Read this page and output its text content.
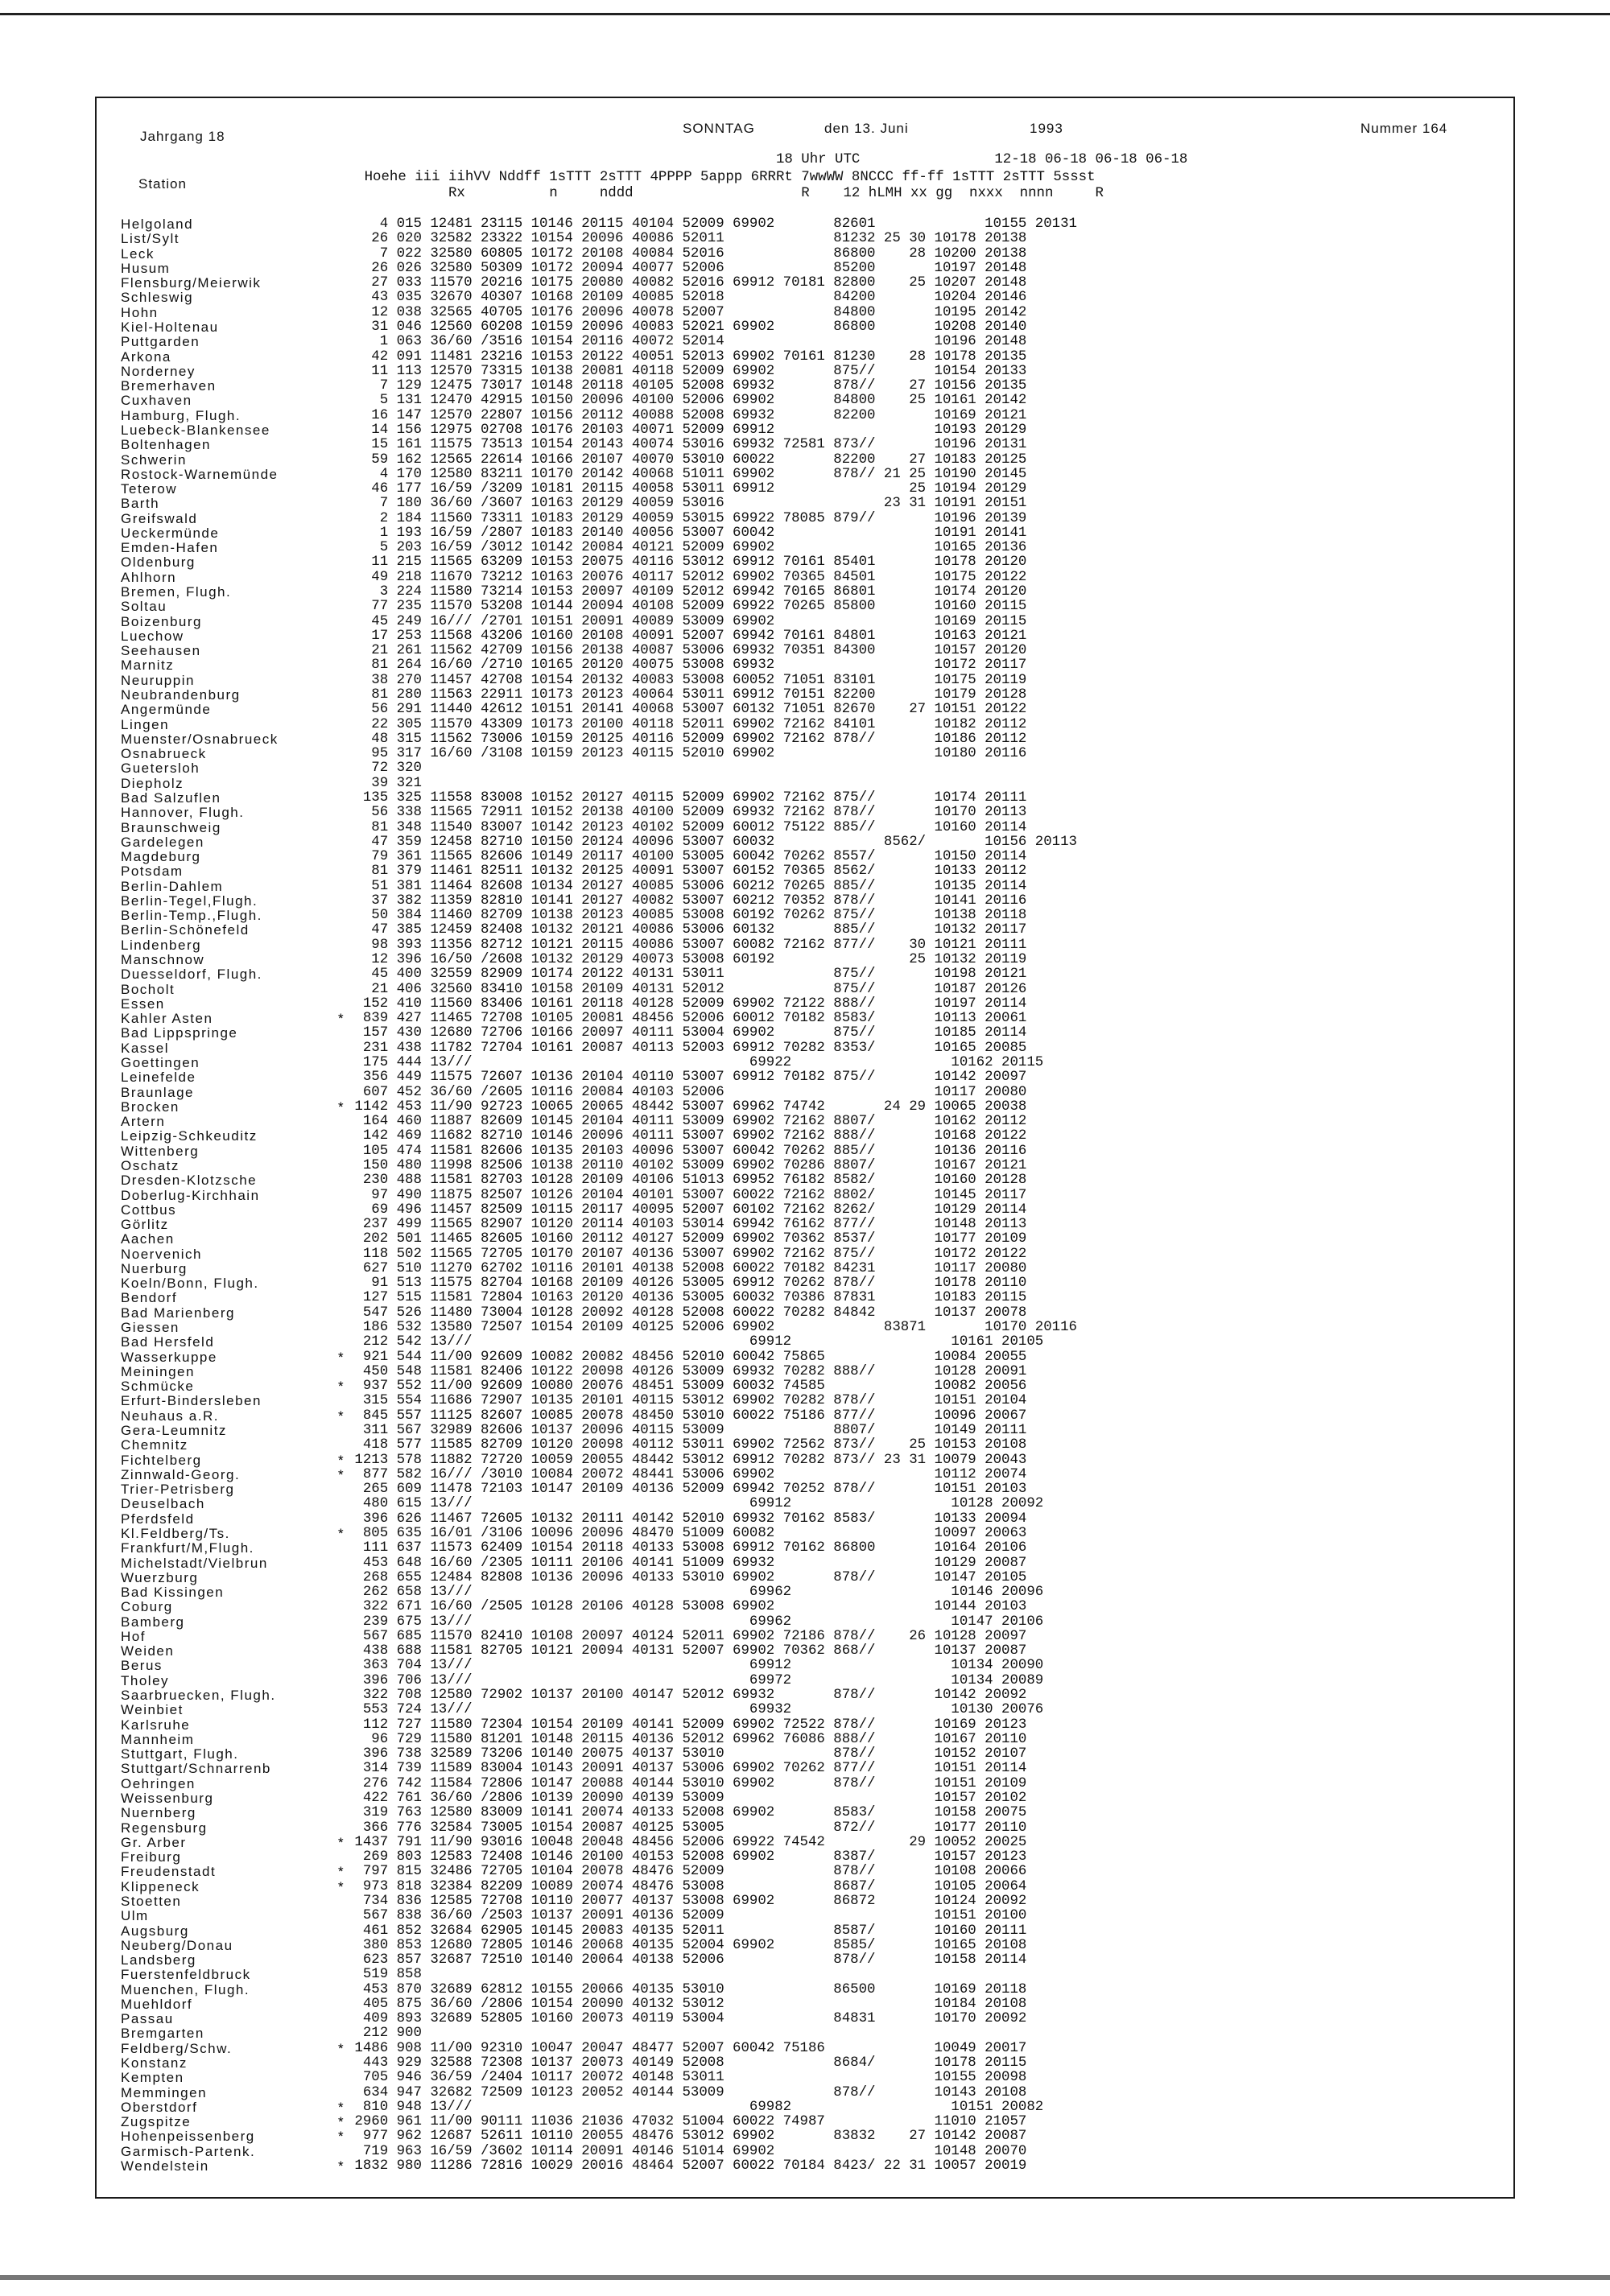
Jahrgang 18
SONNTAG	den 13. Juni	1993	Nummer 164
Station
18 Uhr UTC                12-18 06-18 06-18 06-18
Hoehe iii iihVV Nddff 1sTTT 2sTTT 4PPPP 5appp 6RRRt 7wwWW 8NCCC ff-ff 1sTTT 2sTTT 5ssst
Rx          n     nddd                    R    12 hLMH xx gg  nxxx  nnnn     R
Helgoland	4 015 12481 23115 10146 20115 40104 52009 69902       82601             10155 20131
List/Sylt	26 020 32582 23322 10154 20096 40086 52011             81232 25 30 10178 20138
Leck	7 022 32580 60805 10172 20108 40084 52016             86800    28 10200 20138
Husum	26 026 32580 50309 10172 20094 40077 52006             85200       10197 20148
Flensburg/Meierwik	27 033 11570 20216 10175 20080 40082 52016 69912 70181 82800    25 10207 20148
Schleswig	43 035 32670 40307 10168 20109 40085 52018             84200       10204 20146
Hohn	12 038 32565 40705 10176 20096 40078 52007             84800       10195 20142
Kiel-Holtenau	31 046 12560 60208 10159 20096 40083 52021 69902       86800       10208 20140
Puttgarden	1 063 36/60 /3516 10154 20116 40072 52014                         10196 20148
Arkona	42 091 11481 23216 10153 20122 40051 52013 69902 70161 81230    28 10178 20135
Norderney	11 113 12570 73315 10138 20081 40118 52009 69902       875//       10154 20133
Bremerhaven	7 129 12475 73017 10148 20118 40105 52008 69932       878//    27 10156 20135
Cuxhaven	5 131 12470 42915 10150 20096 40100 52006 69902       84800    25 10161 20142
Hamburg, Flugh.	16 147 12570 22807 10156 20112 40088 52008 69932       82200       10169 20121
Luebeck-Blankensee	14 156 12975 02708 10176 20103 40071 52009 69912                   10193 20129
Boltenhagen	15 161 11575 73513 10154 20143 40074 53016 69932 72581 873//       10196 20131
Schwerin	59 162 12565 22614 10166 20107 40070 53010 60022       82200    27 10183 20125
Rostock-Warnemünde	4 170 12580 83211 10170 20142 40068 51011 69902       878// 21 25 10190 20145
Teterow	46 177 16/59 /3209 10181 20115 40058 53011 69912                25 10194 20129
Barth	7 180 36/60 /3607 10163 20129 40059 53016                   23 31 10191 20151
Greifswald	2 184 11560 73311 10183 20129 40059 53015 69922 78085 879//       10196 20139
Ueckermünde	1 193 16/59 /2807 10183 20140 40056 53007 60042                   10191 20141
Emden-Hafen	5 203 16/59 /3012 10142 20084 40121 52009 69902                   10165 20136
Oldenburg	11 215 11565 63209 10153 20075 40116 53012 69912 70161 85401       10178 20120
Ahlhorn	49 218 11670 73212 10163 20076 40117 52012 69902 70365 84501       10175 20122
Bremen, Flugh.	3 224 11580 73214 10153 20097 40109 52012 69942 70165 86801       10174 20120
Soltau	77 235 11570 53208 10144 20094 40108 52009 69922 70265 85800       10160 20115
Boizenburg	45 249 16/// /2701 10151 20091 40089 53009 69902                   10169 20115
Luechow	17 253 11568 43206 10160 20108 40091 52007 69942 70161 84801       10163 20121
Seehausen	21 261 11562 42709 10156 20138 40087 53006 69932 70351 84300       10157 20120
Marnitz	81 264 16/60 /2710 10165 20120 40075 53008 69932                   10172 20117
Neuruppin	38 270 11457 42708 10154 20132 40083 53008 60052 71051 83101       10175 20119
Neubrandenburg	81 280 11563 22911 10173 20123 40064 53011 69912 70151 82200       10179 20128
Angermünde	56 291 11440 42612 10151 20141 40068 53007 60132 71051 82670    27 10151 20122
Lingen	22 305 11570 43309 10173 20100 40118 52011 69902 72162 84101       10182 20112
Muenster/Osnabrueck	48 315 11562 73006 10159 20125 40116 52009 69902 72162 878//       10186 20112
Osnabrueck	95 317 16/60 /3108 10159 20123 40115 52010 69902                   10180 20116
Guetersloh	72 320
Diepholz	39 321
Bad Salzuflen	135 325 11558 83008 10152 20127 40115 52009 69902 72162 875//       10174 20111
Hannover, Flugh.	56 338 11565 72911 10152 20138 40100 52009 69932 72162 878//       10170 20113
Braunschweig	81 348 11540 83007 10142 20123 40102 52009 60012 75122 885//       10160 20114
Gardelegen	47 359 12458 82710 10150 20124 40096 53007 60032             8562/       10156 20113
Magdeburg	79 361 11565 82606 10149 20117 40100 53005 60042 70262 8557/       10150 20114
Potsdam	81 379 11461 82511 10132 20125 40091 53007 60152 70365 8562/       10133 20112
Berlin-Dahlem	51 381 11464 82608 10134 20127 40085 53006 60212 70265 885//       10135 20114
Berlin-Tegel,Flugh.	37 382 11359 82810 10141 20127 40082 53007 60212 70352 878//       10141 20116
Berlin-Temp.,Flugh.	50 384 11460 82709 10138 20123 40085 53008 60192 70262 875//       10138 20118
Berlin-Schönefeld	47 385 12459 82408 10132 20121 40086 53006 60132       885//       10132 20117
Lindenberg	98 393 11356 82712 10121 20115 40086 53007 60082 72162 877//    30 10121 20111
Manschnow	12 396 16/50 /2608 10132 20129 40073 53008 60192                25 10132 20119
Duesseldorf, Flugh.	45 400 32559 82909 10174 20122 40131 53011             875//       10198 20121
Bocholt	21 406 32560 83410 10158 20109 40131 52012             875//       10187 20126
Essen	152 410 11560 83406 10161 20118 40128 52009 69902 72122 888//       10197 20114
Kahler Asten	* 839 427 11465 72708 10105 20081 48456 52006 60012 70182 8583/       10113 20061
Bad Lippspringe	157 430 12680 72706 10166 20097 40111 53004 69902       875//       10185 20114
Kassel	231 438 11782 72704 10161 20087 40113 52003 69912 70282 8353/       10165 20085
Goettingen	175 444 13///                                 69922                   10162 20115
Leinefelde	356 449 11575 72607 10136 20104 40110 53007 69912 70182 875//       10142 20097
Braunlage	607 452 36/60 /2605 10116 20084 40103 52006                         10117 20080
Brocken	* 1142 453 11/90 92723 10065 20065 48442 53007 69962 74742       24 29 10065 20038
Artern	164 460 11887 82609 10145 20104 40111 53009 69902 72162 8807/       10162 20112
Leipzig-Schkeuditz	142 469 11682 82710 10146 20096 40111 53007 69902 72162 888//       10168 20122
Wittenberg	105 474 11581 82606 10135 20103 40096 53007 60042 70262 885//       10136 20116
Oschatz	150 480 11998 82506 10138 20110 40102 53009 69902 70286 8807/       10167 20121
Dresden-Klotzsche	230 488 11581 82703 10128 20109 40106 51013 69952 76182 8582/       10160 20128
Doberlug-Kirchhain	97 490 11875 82507 10126 20104 40101 53007 60022 72162 8802/       10145 20117
Cottbus	69 496 11457 82509 10115 20117 40095 52007 60102 72162 8262/       10129 20114
Görlitz	237 499 11565 82907 10120 20114 40103 53014 69942 76162 877//       10148 20113
Aachen	202 501 11465 82605 10160 20112 40127 52009 69902 70362 8537/       10177 20109
Noervenich	118 502 11565 72705 10170 20107 40136 53007 69902 72162 875//       10172 20122
Nuerburg	627 510 11270 62702 10116 20101 40138 52008 60022 70182 84231       10117 20080
Koeln/Bonn, Flugh.	91 513 11575 82704 10168 20109 40126 53005 69912 70262 878//       10178 20110
Bendorf	127 515 11581 72804 10163 20120 40136 53005 60032 70386 87831       10183 20115
Bad Marienberg	547 526 11480 73004 10128 20092 40128 52008 60022 70282 84842       10137 20078
Giessen	186 532 13580 72507 10154 20109 40125 52006 69902             83871       10170 20116
Bad Hersfeld	212 542 13///                                 69912                   10161 20105
Wasserkuppe	* 921 544 11/00 92609 10082 20082 48456 52010 60042 75865             10084 20055
Meiningen	450 548 11581 82406 10122 20098 40126 53009 69932 70282 888//       10128 20091
Schmücke	* 937 552 11/00 92609 10080 20076 48451 53009 60032 74585             10082 20056
Erfurt-Bindersleben	315 554 11686 72907 10135 20101 40115 53012 69902 70282 878//       10151 20104
Neuhaus a.R.	* 845 557 11125 82607 10085 20078 48450 53010 60022 75186 877//       10096 20067
Gera-Leumnitz	311 567 32989 82606 10137 20096 40115 53009             8807/       10149 20111
Chemnitz	418 577 11585 82709 10120 20098 40112 53011 69902 72562 873//    25 10153 20108
Fichtelberg	* 1213 578 11882 72720 10059 20055 48442 53012 69912 70282 873// 23 31 10079 20043
Zinnwald-Georg.	* 877 582 16/// /3010 10084 20072 48441 53006 69902                   10112 20074
Trier-Petrisberg	265 609 11478 72103 10147 20109 40136 52009 69942 70252 878//       10151 20103
Deuselbach	480 615 13///                                 69912                   10128 20092
Pferdsfeld	396 626 11467 72605 10132 20111 40142 52010 69932 70162 8583/       10133 20094
Kl.Feldberg/Ts.	* 805 635 16/01 /3106 10096 20096 48470 51009 60082                   10097 20063
Frankfurt/M,Flugh.	111 637 11573 62409 10154 20118 40133 53008 69912 70162 86800       10164 20106
Michelstadt/Vielbrun	453 648 16/60 /2305 10111 20106 40141 51009 69932                   10129 20087
Wuerzburg	268 655 12484 82808 10136 20096 40133 53010 69902       878//       10147 20105
Bad Kissingen	262 658 13///                                 69962                   10146 20096
Coburg	322 671 16/60 /2505 10128 20106 40128 53008 69902                   10144 20103
Bamberg	239 675 13///                                 69962                   10147 20106
Hof	567 685 11570 82410 10108 20097 40124 52011 69902 72186 878//    26 10128 20097
Weiden	438 688 11581 82705 10121 20094 40131 52007 69902 70362 868//       10137 20087
Berus	363 704 13///                                 69912                   10134 20090
Tholey	396 706 13///                                 69972                   10134 20089
Saarbruecken, Flugh.	322 708 12580 72902 10137 20100 40147 52012 69932       878//       10142 20092
Weinbiet	553 724 13///                                 69932                   10130 20076
Karlsruhe	112 727 11580 72304 10154 20109 40141 52009 69902 72522 878//       10169 20123
Mannheim	96 729 11580 81201 10148 20115 40136 52012 69962 76086 888//       10167 20110
Stuttgart, Flugh.	396 738 32589 73206 10140 20075 40137 53010             878//       10152 20107
Stuttgart/Schnarrenb	314 739 11589 83004 10143 20091 40137 53006 69902 70262 877//       10151 20114
Oehringen	276 742 11584 72806 10147 20088 40144 53010 69902       878//       10151 20109
Weissenburg	422 761 36/60 /2806 10139 20090 40139 53009                         10157 20102
Nuernberg	319 763 12580 83009 10141 20074 40133 52008 69902       8583/       10158 20075
Regensburg	366 776 32584 73005 10154 20087 40125 53005             872//       10177 20110
Gr. Arber	* 1437 791 11/90 93016 10048 20048 48456 52006 69922 74542          29 10052 20025
Freiburg	269 803 12583 72408 10146 20100 40153 52008 69902       8387/       10157 20123
Freudenstadt	* 797 815 32486 72705 10104 20078 48476 52009             878//       10108 20066
Klippeneck	* 973 818 32384 82209 10089 20074 48476 53008             8687/       10105 20064
Stoetten	734 836 12585 72708 10110 20077 40137 53008 69902       86872       10124 20092
Ulm	567 838 36/60 /2503 10137 20091 40136 52009                         10151 20100
Augsburg	461 852 32684 62905 10145 20083 40135 52011             8587/       10160 20111
Neuberg/Donau	380 853 12680 72805 10146 20068 40135 52004 69902       8585/       10165 20108
Landsberg	623 857 32687 72510 10140 20064 40138 52006             878//       10158 20114
Fuerstenfeldbruck	519 858
Muenchen, Flugh.	453 870 32689 62812 10155 20066 40135 53010             86500       10169 20118
Muehldorf	405 875 36/60 /2806 10154 20090 40132 53012                         10184 20108
Passau	409 893 32689 52805 10160 20073 40119 53004             84831       10170 20092
Bremgarten	212 900
Feldberg/Schw.	* 1486 908 11/00 92310 10047 20047 48477 52007 60042 75186             10049 20017
Konstanz	443 929 32588 72308 10137 20073 40149 52008             8684/       10178 20115
Kempten	705 946 36/59 /2404 10117 20072 40148 53011                         10155 20098
Memmingen	634 947 32682 72509 10123 20052 40144 53009             878//       10143 20108
Oberstdorf	* 810 948 13///                                 69982                   10151 20082
Zugspitze	* 2960 961 11/00 90111 11036 21036 47032 51004 60022 74987             11010 21057
Hohenpeissenberg	* 977 962 12687 52611 10110 20055 48476 53012 69902       83832    27 10142 20087
Garmisch-Partenk.	719 963 16/59 /3602 10114 20091 40146 51014 69902                   10148 20070
Wendelstein	* 1832 980 11286 72816 10029 20016 48464 52007 60022 70184 8423/ 22 31 10057 20019
